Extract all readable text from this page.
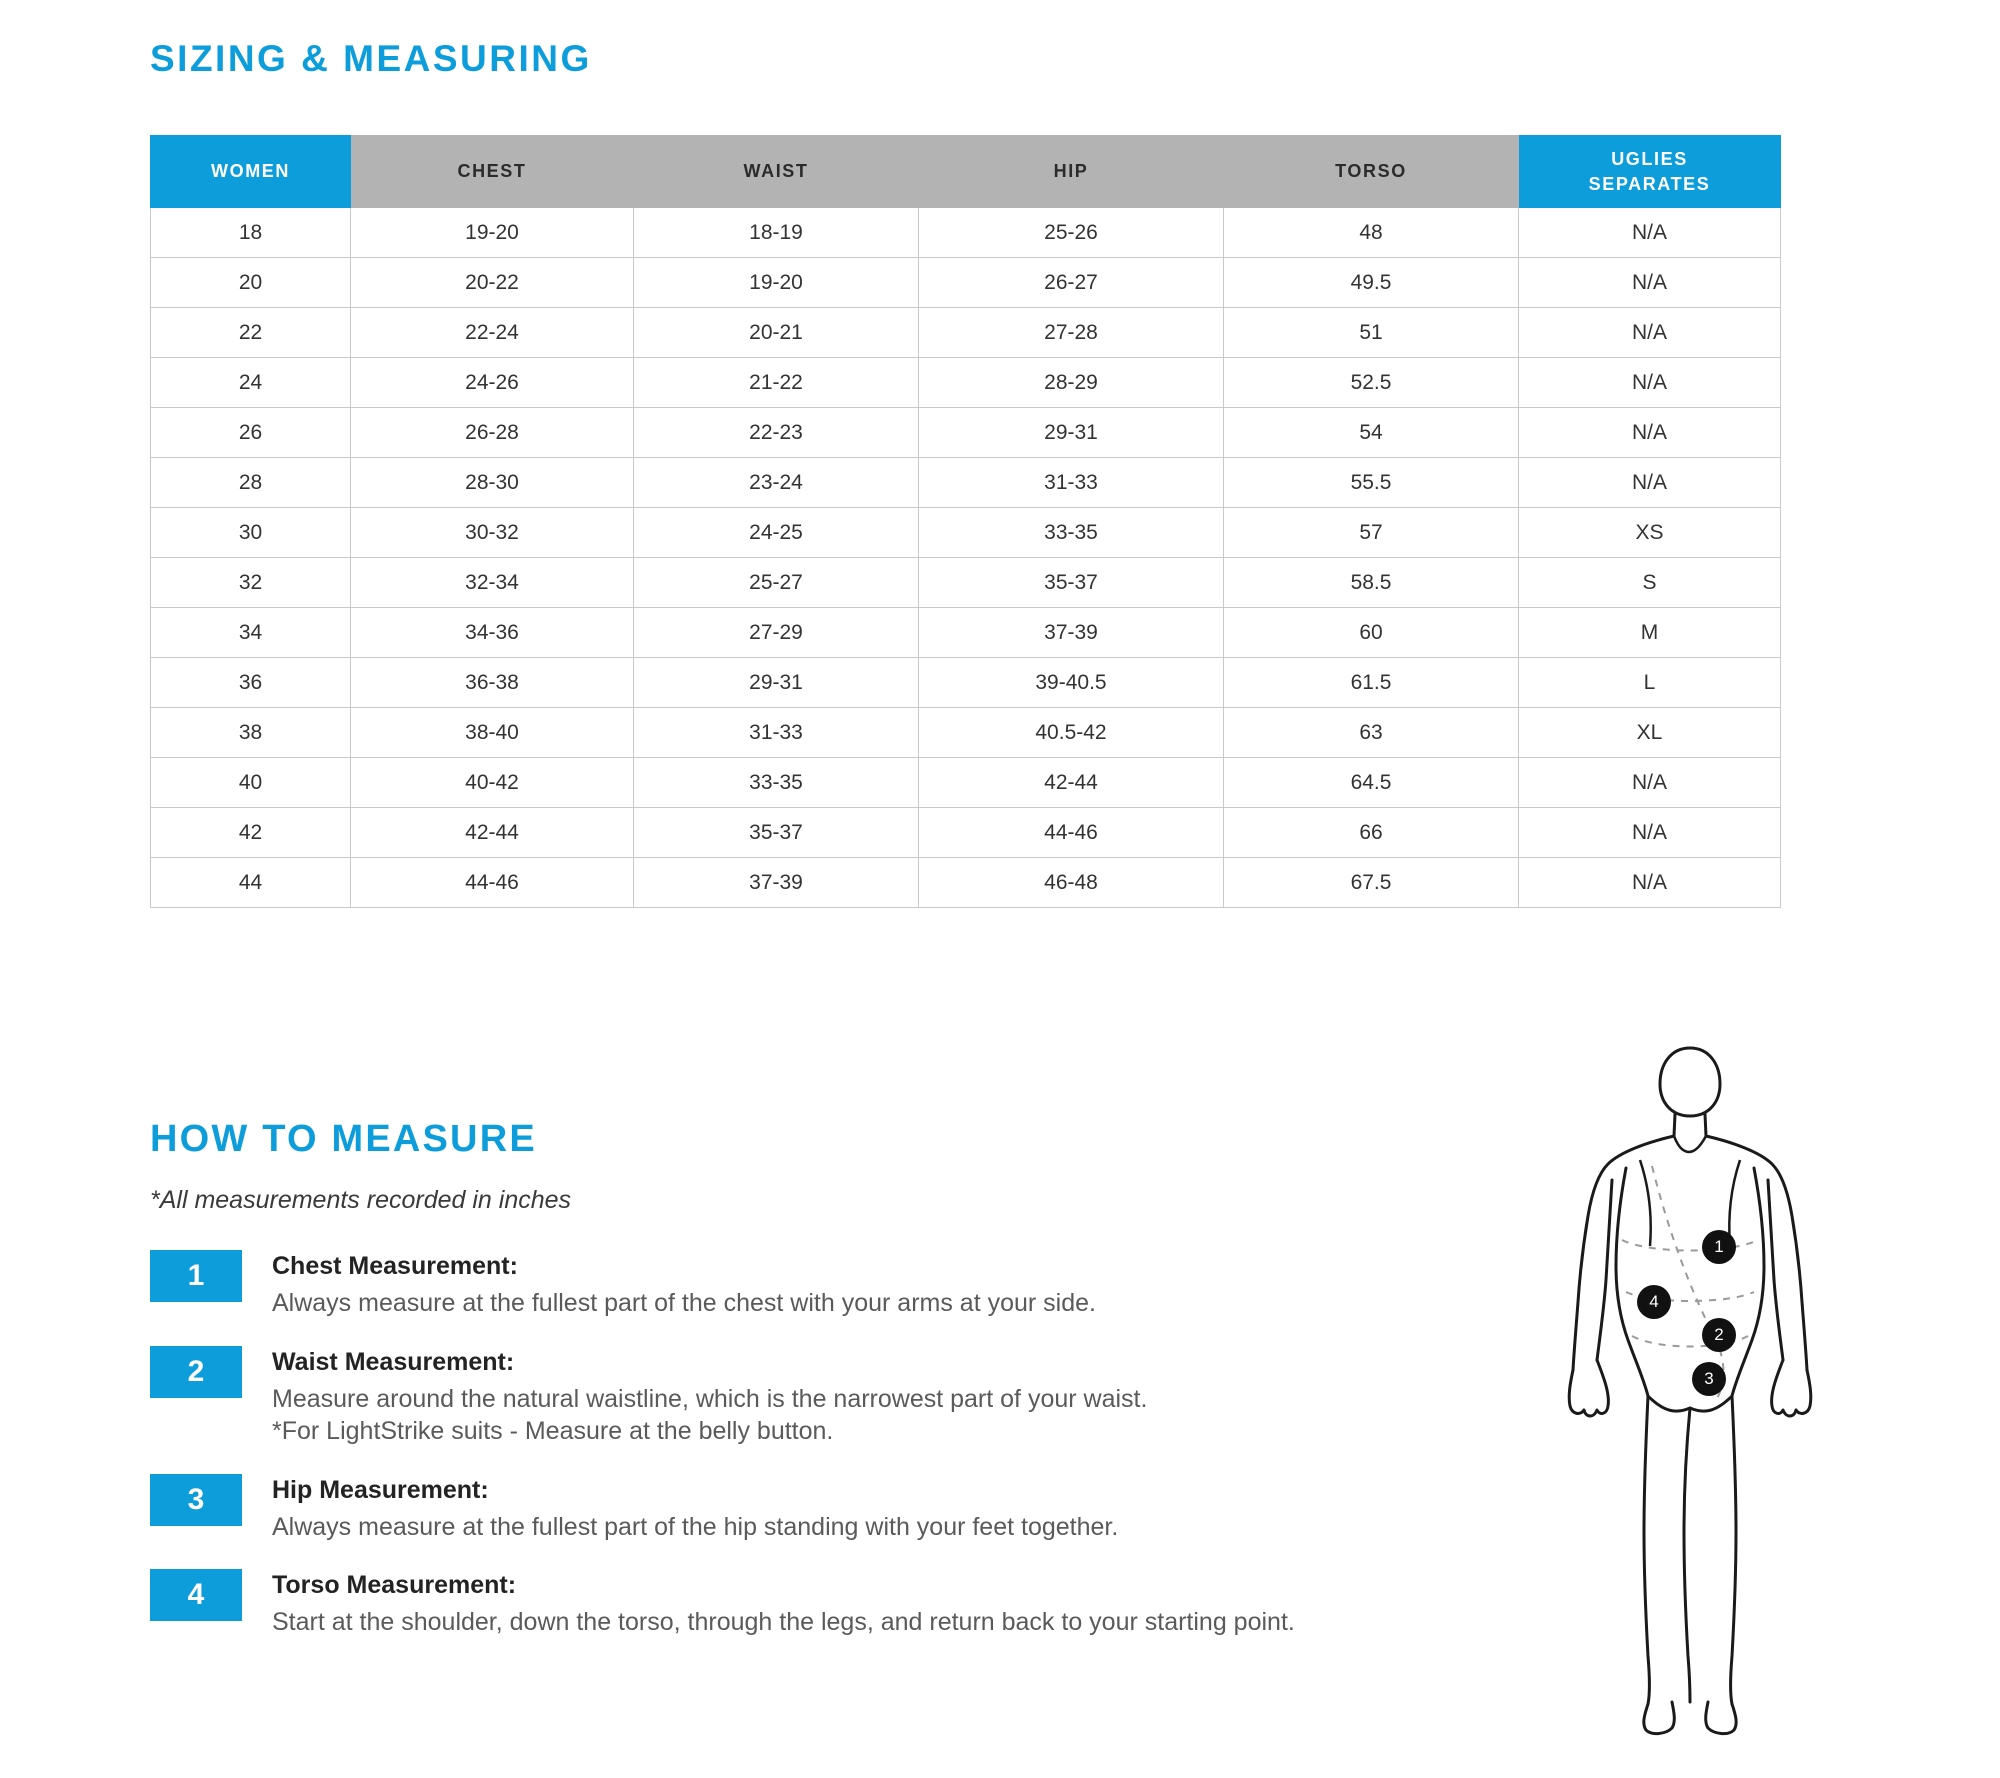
SIZING & MEASURING
WOMEN	CHEST	WAIST	HIP	TORSO	UGLIES
SEPARATES

18	19-20	18-19	25-26	48	N/A
20	20-22	19-20	26-27	49.5	N/A
22	22-24	20-21	27-28	51	N/A
24	24-26	21-22	28-29	52.5	N/A
26	26-28	22-23	29-31	54	N/A
28	28-30	23-24	31-33	55.5	N/A
30	30-32	24-25	33-35	57	XS
32	32-34	25-27	35-37	58.5	S
34	34-36	27-29	37-39	60	M
36	36-38	29-31	39-40.5	61.5	L
38	38-40	31-33	40.5-42	63	XL
40	40-42	33-35	42-44	64.5	N/A
42	42-44	35-37	44-46	66	N/A
44	44-46	37-39	46-48	67.5	N/A
HOW TO MEASURE
*All measurements recorded in inches
1	Chest Measurement:
Always measure at the fullest part of the chest with your arms at your side.
2	Waist Measurement:
Measure around the natural waistline, which is the narrowest part of your waist.
*For LightStrike suits - Measure at the belly button.
3	Hip Measurement:
Always measure at the fullest part of the hip standing with your feet together.
4	Torso Measurement:
Start at the shoulder, down the torso, through the legs, and return back to your starting point.
1
4
2
3
